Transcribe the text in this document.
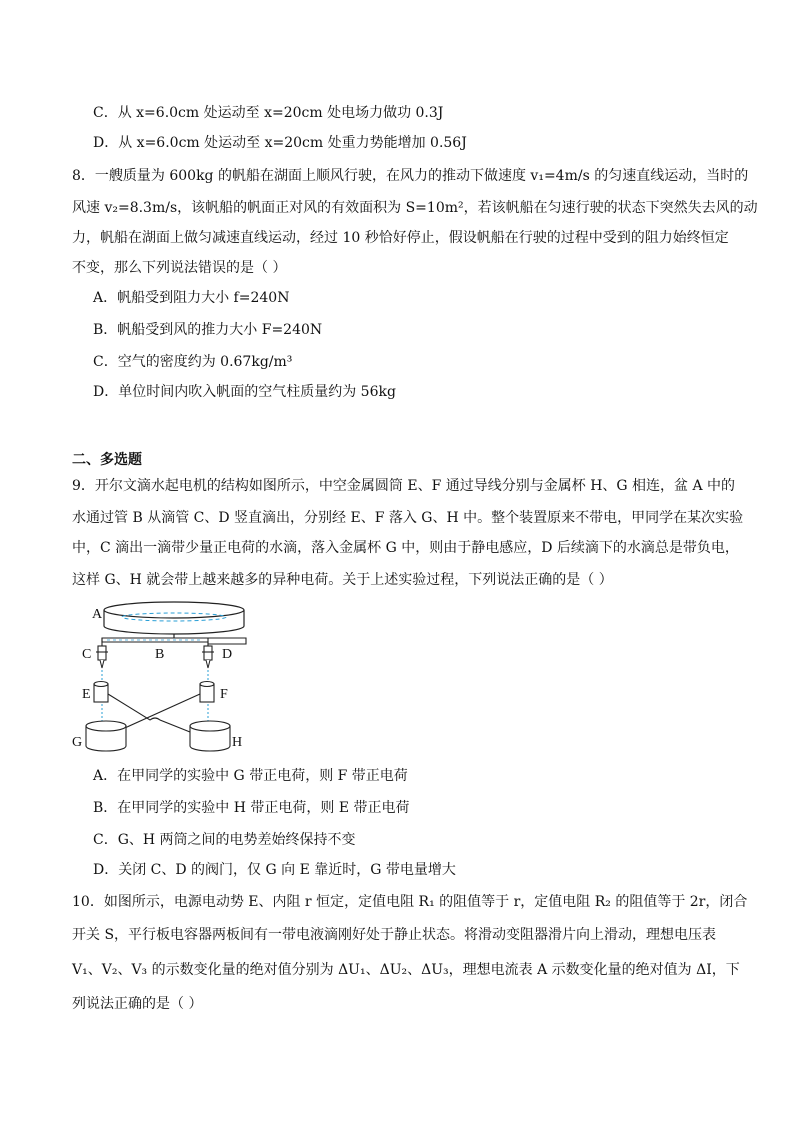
C．从 x=6.0cm 处运动至 x=20cm 处电场力做功 0.3J
D．从 x=6.0cm 处运动至 x=20cm 处重力势能增加 0.56J
8．一艘质量为 600kg 的帆船在湖面上顺风行驶，在风力的推动下做速度 v₁=4m/s 的匀速直线运动，当时的
风速 v₂=8.3m/s，该帆船的帆面正对风的有效面积为 S=10m²，若该帆船在匀速行驶的状态下突然失去风的动
力，帆船在湖面上做匀减速直线运动，经过 10 秒恰好停止，假设帆船在行驶的过程中受到的阻力始终恒定
不变，那么下列说法错误的是（ ）
A．帆船受到阻力大小 f=240N
B．帆船受到风的推力大小 F=240N
C．空气的密度约为 0.67kg/m³
D．单位时间内吹入帆面的空气柱质量约为 56kg
二、多选题
9．开尔文滴水起电机的结构如图所示，中空金属圆筒 E、F 通过导线分别与金属杯 H、G 相连，盆 A 中的
水通过管 B 从滴管 C、D 竖直滴出，分别经 E、F 落入 G、H 中。整个装置原来不带电，甲同学在某次实验
中，C 滴出一滴带少量正电荷的水滴，落入金属杯 G 中，则由于静电感应，D 后续滴下的水滴总是带负电，
这样 G、H 就会带上越来越多的异种电荷。关于上述实验过程，下列说法正确的是（ ）
A
B
C	D
E	F
G	H
A．在甲同学的实验中 G 带正电荷，则 F 带正电荷
B．在甲同学的实验中 H 带正电荷，则 E 带正电荷
C．G、H 两筒之间的电势差始终保持不变
D．关闭 C、D 的阀门，仅 G 向 E 靠近时，G 带电量增大
10．如图所示，电源电动势 E、内阻 r 恒定，定值电阻 R₁ 的阻值等于 r，定值电阻 R₂ 的阻值等于 2r，闭合
开关 S，平行板电容器两板间有一带电液滴刚好处于静止状态。将滑动变阻器滑片向上滑动，理想电压表
V₁、V₂、V₃ 的示数变化量的绝对值分别为 ΔU₁、ΔU₂、ΔU₃，理想电流表 A 示数变化量的绝对值为 ΔI，下
列说法正确的是（ ）
